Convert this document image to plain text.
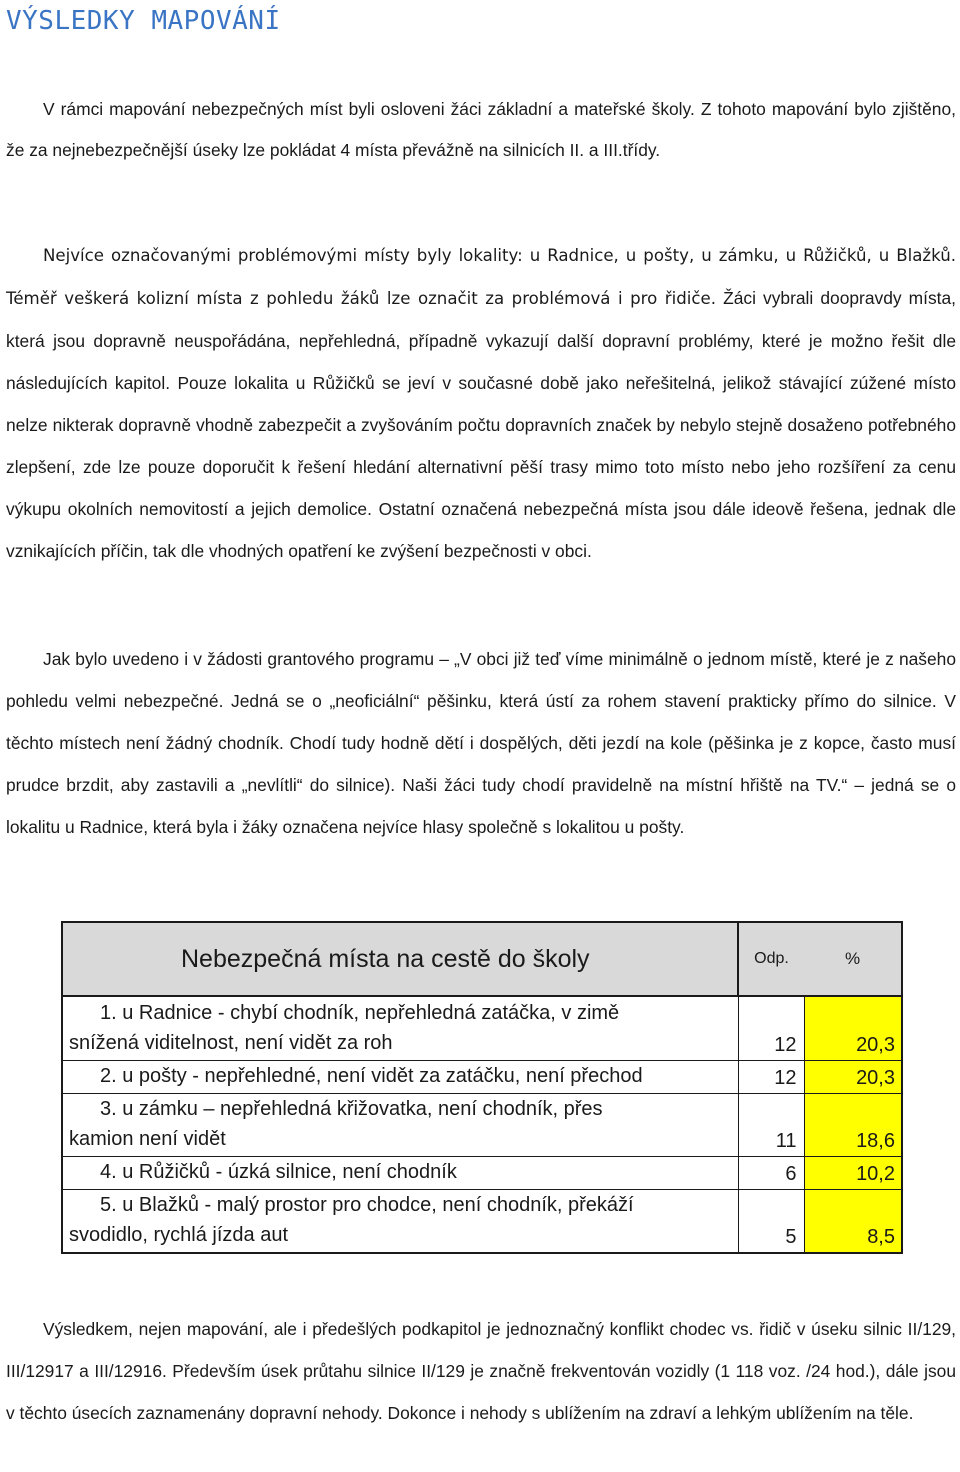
VÝSLEDKY MAPOVÁNÍ

V rámci mapování nebezpečných míst byli osloveni žáci základní a mateřské školy. Z tohoto mapování bylo zjištěno, že za nejnebezpečnější úseky lze pokládat 4 místa převážně na silnicích II. a III.třídy.

Nejvíce označovanými problémovými místy byly lokality: u Radnice, u pošty, u zámku, u Růžičků, u Blažků. Téměř veškerá kolizní místa z pohledu žáků lze označit za problémová i pro řidiče. Žáci vybrali doopravdy místa, která jsou dopravně neuspořádána, nepřehledná, případně vykazují další dopravní problémy, které je možno řešit dle následujících kapitol. Pouze lokalita u Růžičků se jeví v současné době jako neřešitelná, jelikož stávající zúžené místo nelze nikterak dopravně vhodně zabezpečit a zvyšováním počtu dopravních značek by nebylo stejně dosaženo potřebného zlepšení, zde lze pouze doporučit k řešení hledání alternativní pěší trasy mimo toto místo nebo jeho rozšíření za cenu výkupu okolních nemovitostí a jejich demolice. Ostatní označená nebezpečná místa jsou dále ideově řešena, jednak dle vznikajících příčin, tak dle vhodných opatření ke zvýšení bezpečnosti v obci.

Jak bylo uvedeno i v žádosti grantového programu – „V obci již teď víme minimálně o jednom místě, které je z našeho pohledu velmi nebezpečné. Jedná se o „neoficiální“ pěšinku, která ústí za rohem stavení prakticky přímo do silnice. V těchto místech není žádný chodník. Chodí tudy hodně dětí i dospělých, děti jezdí na kole (pěšinka je z kopce, často musí prudce brzdit, aby zastavili a „nevlítli“ do silnice). Naši žáci tudy chodí pravidelně na místní hřiště na TV.“ – jedná se o lokalitu u Radnice, která byla i žáky označena nejvíce hlasy společně s lokalitou u pošty.

Nebezpečná místa na cestě do školy	Odp.	%

1. u Radnice - chybí chodník, nepřehledná zatáčka, v zimě
snížená viditelnost, není vidět za roh	12	20,3

2. u pošty - nepřehledné, není vidět za zatáčku, není přechod	12	20,3

3. u zámku – nepřehledná křižovatka, není chodník, přes
kamion není vidět	11	18,6

4. u Růžičků - úzká silnice, není chodník	6	10,2

5. u Blažků - malý prostor pro chodce, není chodník, překáží
svodidlo, rychlá jízda aut	5	8,5

Výsledkem, nejen mapování, ale i předešlých podkapitol je jednoznačný konflikt chodec vs. řidič v úseku silnic II/129, III/12917 a III/12916. Především úsek průtahu silnice II/129 je značně frekventován vozidly (1 118 voz. /24 hod.), dále jsou v těchto úsecích zaznamenány dopravní nehody. Dokonce i nehody s ublížením na zdraví a lehkým ublížením na těle.
